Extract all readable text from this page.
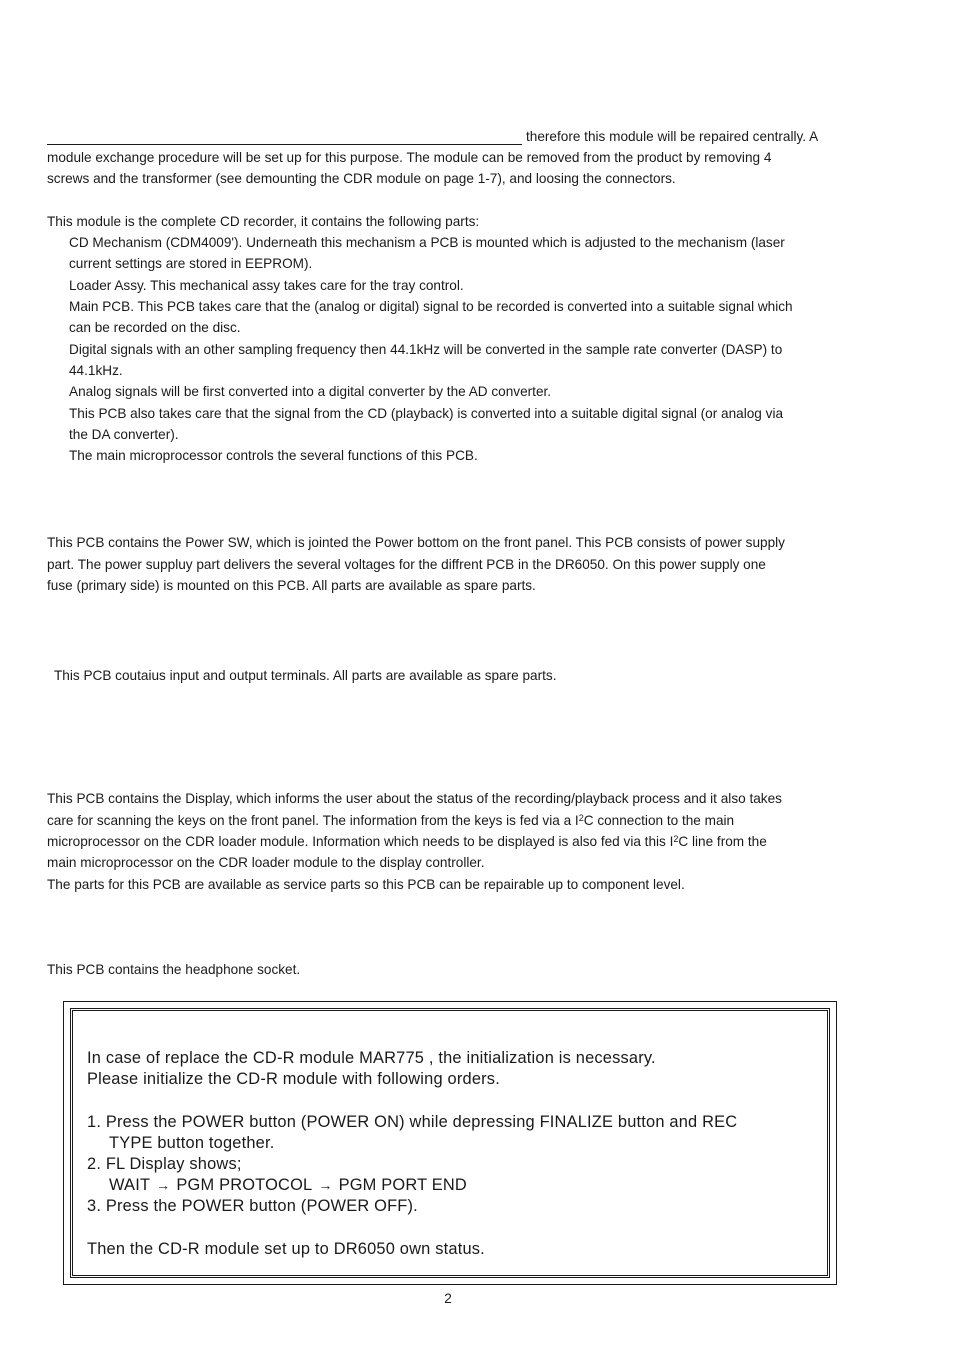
therefore this module will be repaired centrally. A

module exchange procedure will be set up for this purpose. The module can be removed from the product by removing 4

screws and the transformer (see demounting the CDR module on page 1-7), and loosing the connectors.

This module is the complete CD recorder, it contains the following parts:

CD Mechanism (CDM4009'). Underneath this mechanism a PCB is mounted which is adjusted to the mechanism (laser

current settings are stored in EEPROM).

Loader Assy. This mechanical assy takes care for the tray control.

Main PCB. This PCB takes care that the (analog or digital) signal to be recorded is converted into a suitable signal which

can be recorded on the disc.

Digital signals with an other sampling frequency then 44.1kHz will be converted in the sample rate converter (DASP) to

44.1kHz.

Analog signals will be first converted into a digital converter by the AD converter.

This PCB also takes care that the signal from the CD (playback) is converted into a suitable digital signal (or analog via

the DA converter).

The main microprocessor controls the several functions of this PCB.

This PCB contains the Power SW, which is jointed the Power bottom on the front panel. This PCB consists of power supply

part. The power suppluy part delivers the several voltages for the diffrent PCB in the DR6050. On this power supply one

fuse (primary side) is mounted on this PCB. All parts are available as spare parts.

This PCB coutaius input and output terminals. All parts are available as spare parts.

This PCB contains the Display, which informs the user about the status of the recording/playback process and it also takes

care for scanning the keys on the front panel. The information from the keys is fed via a $I^2C$ connection to the main

microprocessor on the CDR loader module. Information which needs to be displayed is also fed via this $I^2C$ line from the

main microprocessor on the CDR loader module to the display controller.

The parts for this PCB are available as service parts so this PCB can be repairable up to component level.

This PCB contains the headphone socket.

In case of replace the CD-R module MAR775 , the initialization is necessary.

Please initialize the CD-R module with following orders.

1. Press the POWER button (POWER ON) while depressing FINALIZE button and REC

TYPE button together.

2. FL Display shows;

WAIT → PGM PROTOCOL → PGM PORT END

3. Press the POWER button (POWER OFF).

Then the CD-R module set up to DR6050 own status.

2
